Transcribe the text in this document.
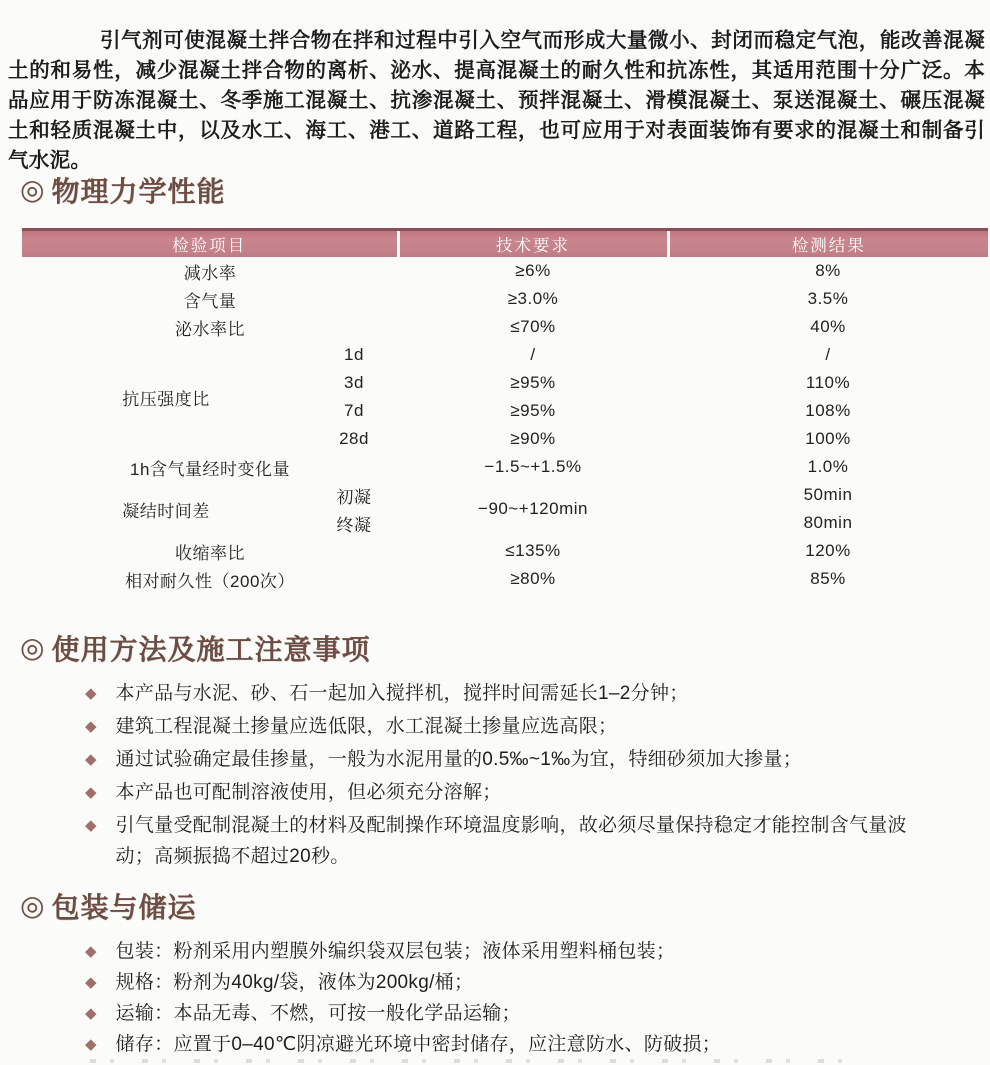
引气剂可使混凝土拌合物在拌和过程中引入空气而形成大量微小、封闭而稳定气泡，能改善混凝土的和易性，减少混凝土拌合物的离析、泌水、提高混凝土的耐久性和抗冻性，其适用范围十分广泛。本品应用于防冻混凝土、冬季施工混凝土、抗渗混凝土、预拌混凝土、滑模混凝土、泵送混凝土、碾压混凝土和轻质混凝土中，以及水工、海工、港工、道路工程，也可应用于对表面装饰有要求的混凝土和制备引气水泥。

◎ 物理力学性能
检验项目		技术要求	检测结果
减水率		≥6%	8%
含气量		≥3.0%	3.5%
泌水率比		≤70%	40%
抗压强度比	1d	/	/
	3d	≥95%	110%
	7d	≥95%	108%
	28d	≥90%	100%
1h含气量经时变化量		−1.5~+1.5%	1.0%
凝结时间差	初凝	−90~+120min	50min
	终凝		80min
收缩率比		≤135%	120%
相对耐久性（200次）		≥80%	85%
◎ 使用方法及施工注意事项
◆ 本产品与水泥、砂、石一起加入搅拌机，搅拌时间需延长1–2分钟；
◆ 建筑工程混凝土掺量应选低限，水工混凝土掺量应选高限；
◆ 通过试验确定最佳掺量，一般为水泥用量的0.5‰~1‰为宜，特细砂须加大掺量；
◆ 本产品也可配制溶液使用，但必须充分溶解；
◆ 引气量受配制混凝土的材料及配制操作环境温度影响，故必须尽量保持稳定才能控制含气量波动；高频振捣不超过20秒。
◎ 包装与储运
◆ 包装：粉剂采用内塑膜外编织袋双层包装；液体采用塑料桶包装；
◆ 规格：粉剂为40kg/袋，液体为200kg/桶；
◆ 运输：本品无毒、不燃，可按一般化学品运输；
◆ 储存：应置于0–40℃阴凉避光环境中密封储存，应注意防水、防破损；
